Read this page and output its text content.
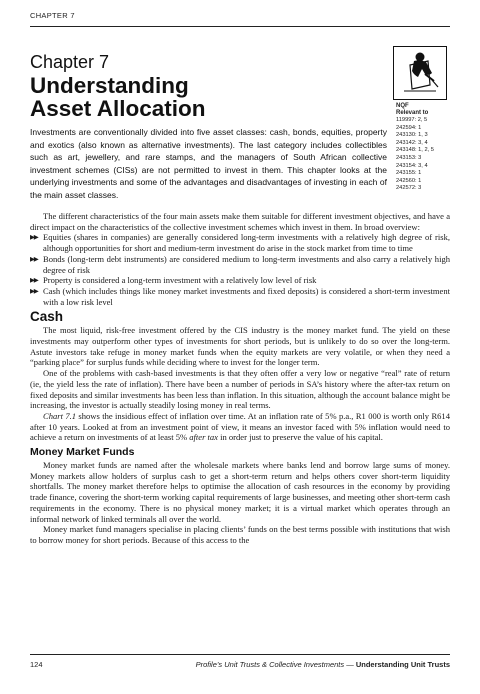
CHAPTER 7
Chapter 7
Understanding
Asset Allocation	NQF
Relevant to
119997: 2, 5
242594: 1
243130: 1, 3
243142: 3, 4
243148: 1, 2, 5
243153: 3
243154: 3, 4
243155: 1
242560: 1
242572: 3

Investments are conventionally divided into five asset classes: cash, bonds, equities, property and exotics (also known as alternative investments). The last category includes collectibles such as art, jewellery, and rare stamps, and the managers of South African collective investment schemes (CISs) are not permitted to invest in them. This chapter looks at the underlying investments and some of the advantages and disadvantages of investing in each of the main asset classes.

The different characteristics of the four main assets make them suitable for different investment objectives, and have a direct impact on the characteristics of the collective investment schemes which invest in them. In broad overview:

▶▶ Equities (shares in companies) are generally considered long-term investments with a relatively high degree of risk, although opportunities for short and medium-term investment do arise in the stock market from time to time
▶▶ Bonds (long-term debt instruments) are considered medium to long-term investments and also carry a relatively high degree of risk
▶▶ Property is considered a long-term investment with a relatively low level of risk
▶▶ Cash (which includes things like money market investments and fixed deposits) is considered a short-term investment with a low risk level
Cash

The most liquid, risk-free investment offered by the CIS industry is the money market fund. The yield on these investments may outperform other types of investments for short periods, but is unlikely to do so over the long-term. Astute investors take refuge in money market funds when the equity markets are very volatile, or when they need a “parking place” for surplus funds while deciding where to invest for the longer term.

One of the problems with cash-based investments is that they often offer a very low or negative “real” rate of return (ie, the yield less the rate of inflation). There have been a number of periods in SA’s history where the after-tax return on fixed deposits and similar investments has been less than inflation. In this situation, although the account balance might be increasing, the investor is actually steadily losing money in real terms.

Chart 7.1 shows the insidious effect of inflation over time. At an inflation rate of 5% p.a., R1 000 is worth only R614 after 10 years. Looked at from an investment point of view, it means an investor faced with 5% inflation would need to achieve a return on investments of at least 5% after tax in order just to preserve the value of his capital.

Money Market Funds

Money market funds are named after the wholesale markets where banks lend and borrow large sums of money. Money markets allow holders of surplus cash to get a short-term return and helps others cover short-term liquidity shortfalls. The money market therefore helps to optimise the allocation of cash resources in the economy by providing trade finance, covering the short-term working capital requirements of large businesses, and meeting other short-term cash requirements in the economy. There is no physical money market; it is a virtual market which operates through an informal network of linked terminals all over the world.

Money market fund managers specialise in placing clients’ funds on the best terms possible with institutions that wish to borrow money for short periods. Because of this access to the

124	Profile’s Unit Trusts & Collective Investments — Understanding Unit Trusts
